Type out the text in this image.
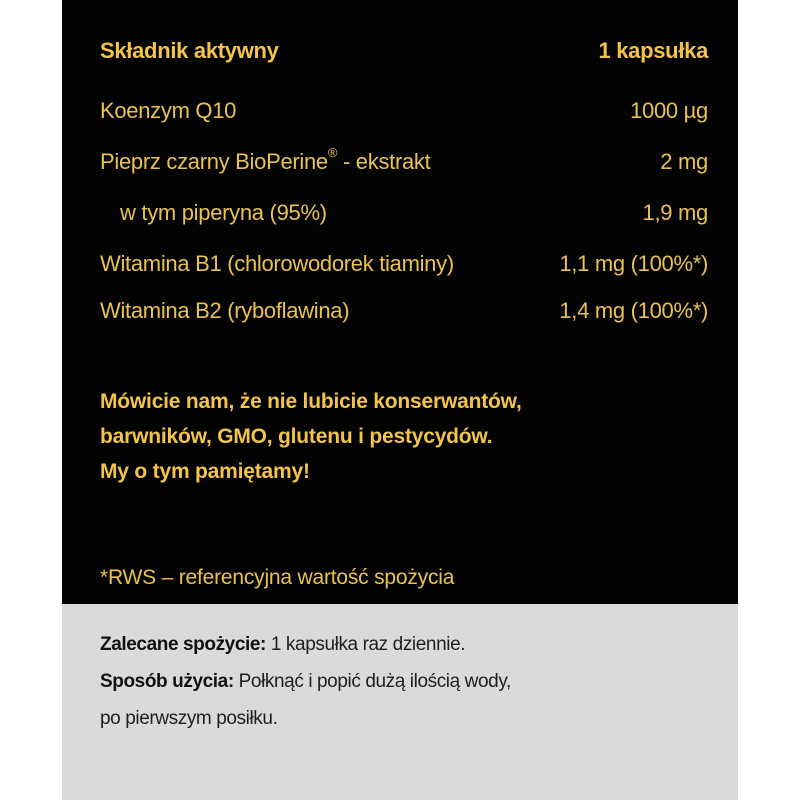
Składnik aktywny	1 kapsułka
Koenzym Q10	1000 µg
Pieprz czarny BioPerine® - ekstrakt	2 mg
w tym piperyna (95%)	1,9 mg
Witamina B1 (chlorowodorek tiaminy)	1,1 mg (100%*)
Witamina B2 (ryboflawina)	1,4 mg (100%*)
Mówicie nam, że nie lubicie konserwantów,
barwników, GMO, glutenu i pestycydów.
My o tym pamiętamy!
*RWS – referencyjna wartość spożycia
Zalecane spożycie: 1 kapsułka raz dziennie.
Sposób użycia: Połknąć i popić dużą ilością wody,
po pierwszym posiłku.
